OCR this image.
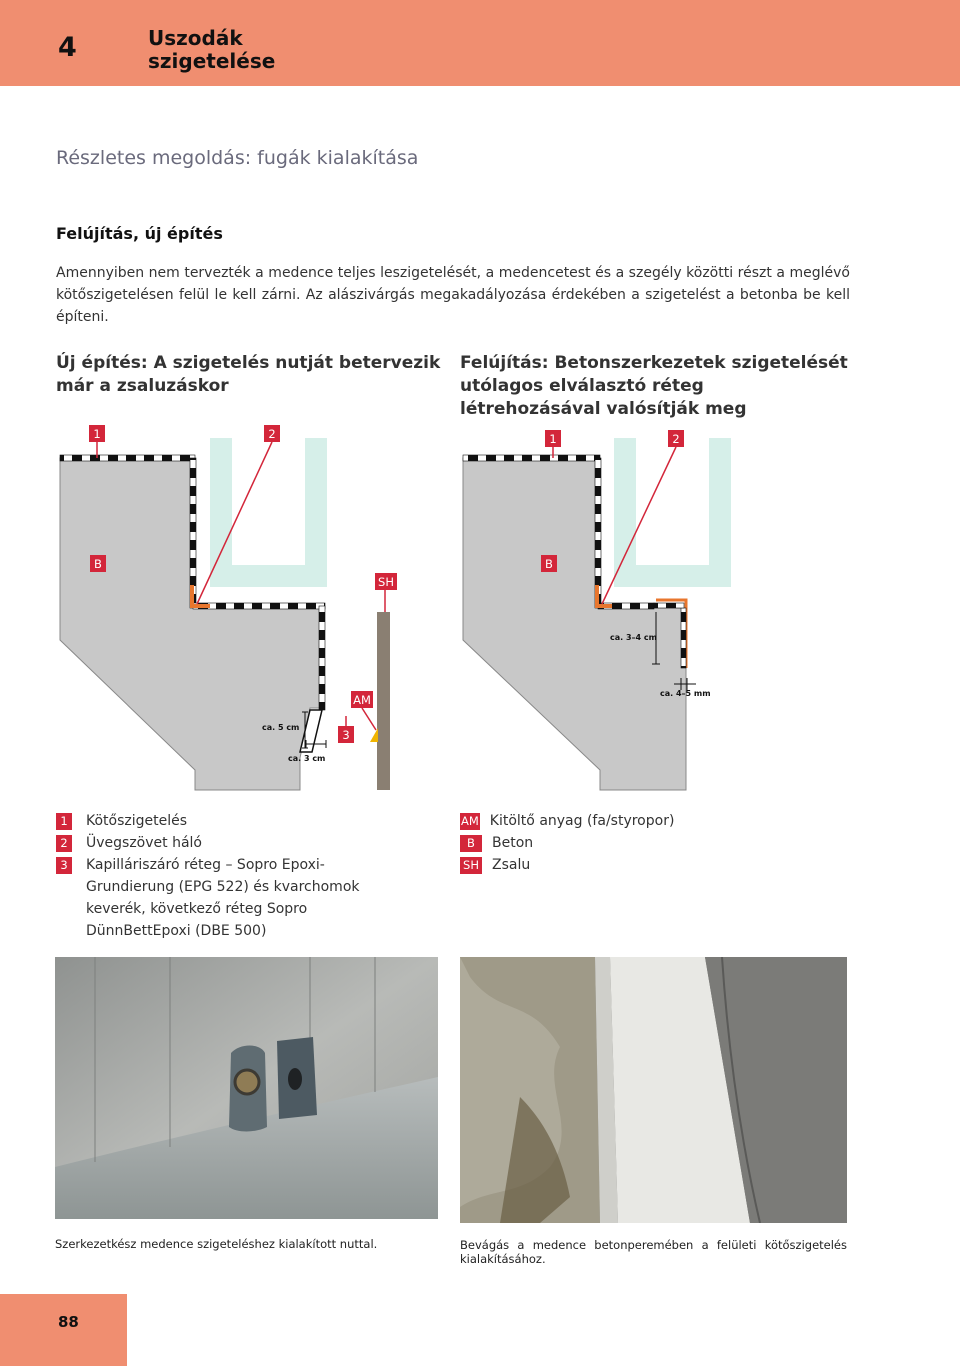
4	Uszodák szigetelése
Részletes megoldás: fugák kialakítása
Felújítás, új építés
Amennyiben nem tervezték a medence teljes leszigetelését, a medencetest és a szegély közötti részt a meglévő kötőszigetelésen felül le kell zárni. Az alászivárgás megakadályozása érdekében a szigetelést a betonba be kell építeni.
Új építés: A szigetelés nutját betervezik már a zsaluzáskor
Felújítás: Betonszerkezetek szigetelését utólagos elválasztó réteg létrehozásával valósítják meg
1	2
B
SH
AM
3
ca. 5 cm
ca. 3 cm
1	2
B
ca. 3–4 cm
ca. 4–5 mm
1	Kötőszigetelés
2	Üvegszövet háló
3	Kapilláriszáró réteg – Sopro Epoxi-Grundierung (EPG 522) és kvarchomok keverék, következő réteg Sopro DünnBettEpoxi (DBE 500)
AM Kitöltő anyag (fa/styropor)
B	Beton
SH Zsalu
Szerkezetkész medence szigeteléshez kialakított nuttal.	Bevágás a medence betonperemében a felületi kötőszigetelés kialakításához.
88
